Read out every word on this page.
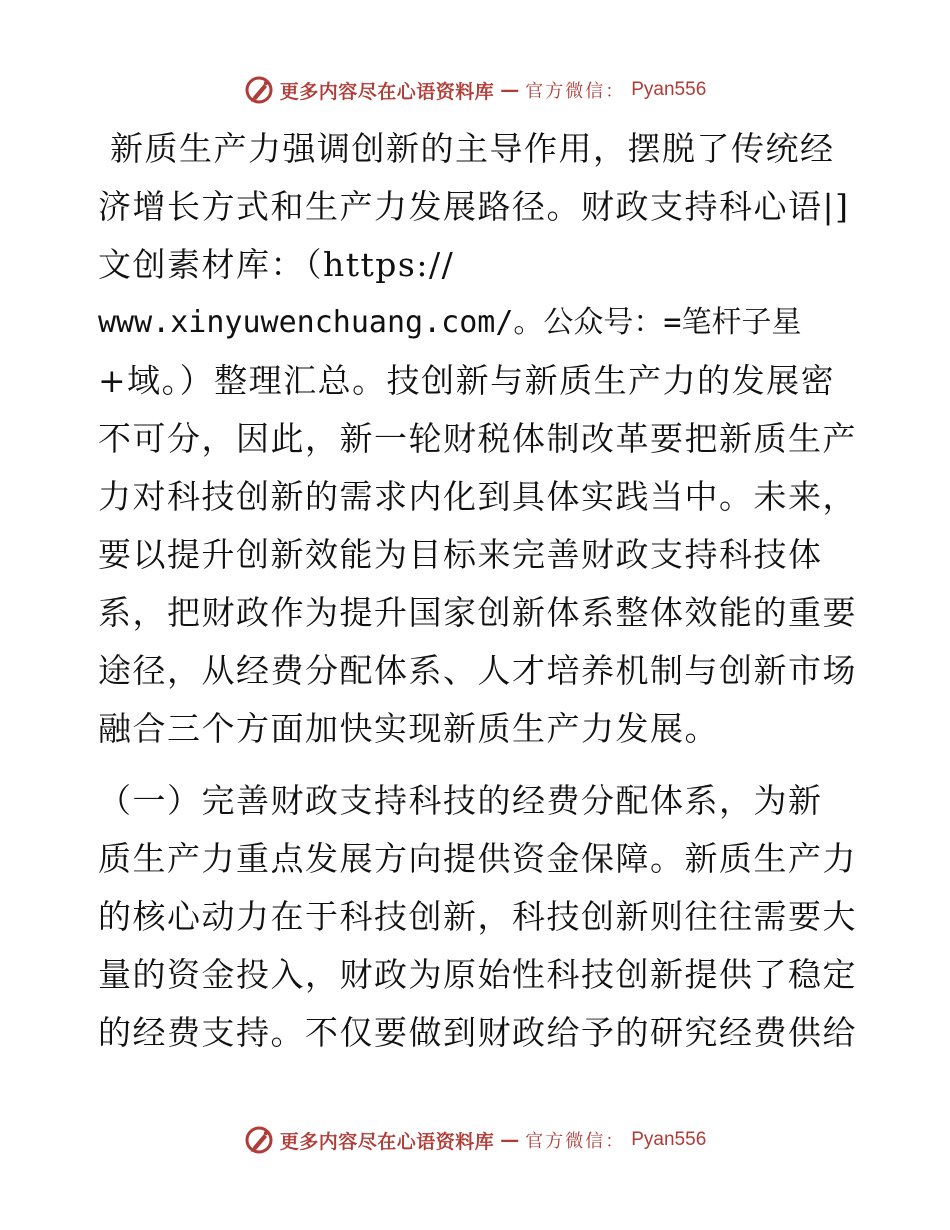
更多内容尽在心语资料库 — 官方微信： Pyan556
新质生产力强调创新的主导作用，摆脱了传统经
济增长方式和生产力发展路径。财政支持科心语|]
文创素材库：（https://
www.xinyuwenchuang.com/。公众号：=笔杆子星
+域。）整理汇总。技创新与新质生产力的发展密
不可分，因此，新一轮财税体制改革要把新质生产
力对科技创新的需求内化到具体实践当中。未来，
要以提升创新效能为目标来完善财政支持科技体
系，把财政作为提升国家创新体系整体效能的重要
途径，从经费分配体系、人才培养机制与创新市场
融合三个方面加快实现新质生产力发展。
（一）完善财政支持科技的经费分配体系，为新
质生产力重点发展方向提供资金保障。新质生产力
的核心动力在于科技创新，科技创新则往往需要大
量的资金投入，财政为原始性科技创新提供了稳定
的经费支持。不仅要做到财政给予的研究经费供给
更多内容尽在心语资料库 — 官方微信： Pyan556
